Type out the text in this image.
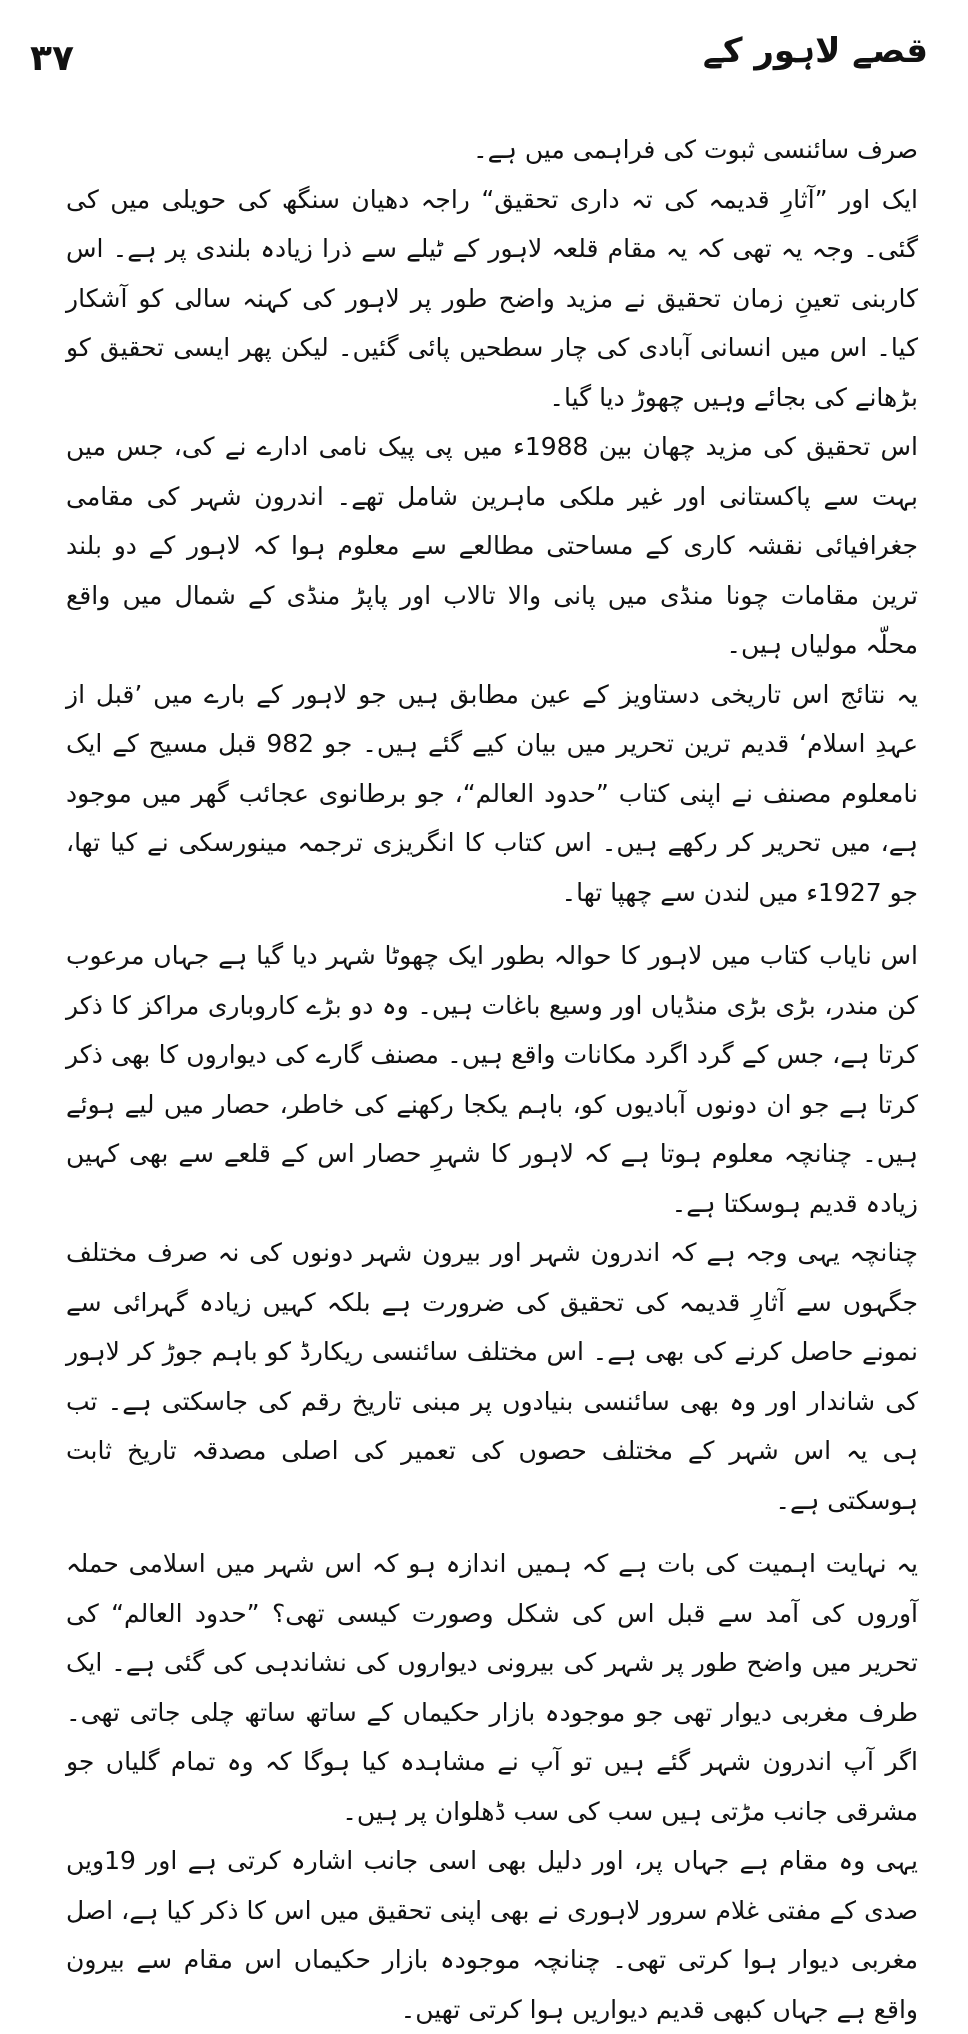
۳۷	قصے لاہور کے

صرف سائنسی ثبوت کی فراہمی میں ہے۔

ایک اور ”آثارِ قدیمہ کی تہ داری تحقیق“ راجہ دھیان سنگھ کی حویلی میں کی گئی۔ وجہ یہ تھی کہ یہ مقام قلعہ لاہور کے ٹیلے سے ذرا زیادہ بلندی پر ہے۔ اس کاربنی تعینِ زمان تحقیق نے مزید واضح طور پر لاہور کی کہنہ سالی کو آشکار کیا۔ اس میں انسانی آبادی کی چار سطحیں پائی گئیں۔ لیکن پھر ایسی تحقیق کو بڑھانے کی بجائے وہیں چھوڑ دیا گیا۔

اس تحقیق کی مزید چھان بین 1988ء میں پی پیک نامی ادارے نے کی، جس میں بہت سے پاکستانی اور غیر ملکی ماہرین شامل تھے۔ اندرون شہر کی مقامی جغرافیائی نقشہ کاری کے مساحتی مطالعے سے معلوم ہوا کہ لاہور کے دو بلند ترین مقامات چونا منڈی میں پانی والا تالاب اور پاپڑ منڈی کے شمال میں واقع محلّہ مولیاں ہیں۔

یہ نتائج اس تاریخی دستاویز کے عین مطابق ہیں جو لاہور کے بارے میں ’قبل از عہدِ اسلام‘ قدیم ترین تحریر میں بیان کیے گئے ہیں۔ جو 982 قبل مسیح کے ایک نامعلوم مصنف نے اپنی کتاب ”حدود العالم“، جو برطانوی عجائب گھر میں موجود ہے، میں تحریر کر رکھے ہیں۔ اس کتاب کا انگریزی ترجمہ مینورسکی نے کیا تھا، جو 1927ء میں لندن سے چھپا تھا۔

اس نایاب کتاب میں لاہور کا حوالہ بطور ایک چھوٹا شہر دیا گیا ہے جہاں مرعوب کن مندر، بڑی بڑی منڈیاں اور وسیع باغات ہیں۔ وہ دو بڑے کاروباری مراکز کا ذکر کرتا ہے، جس کے گرد اگرد مکانات واقع ہیں۔ مصنف گارے کی دیواروں کا بھی ذکر کرتا ہے جو ان دونوں آبادیوں کو، باہم یکجا رکھنے کی خاطر، حصار میں لیے ہوئے ہیں۔ چنانچہ معلوم ہوتا ہے کہ لاہور کا شہرِ حصار اس کے قلعے سے بھی کہیں زیادہ قدیم ہوسکتا ہے۔

چنانچہ یہی وجہ ہے کہ اندرون شہر اور بیرون شہر دونوں کی نہ صرف مختلف جگہوں سے آثارِ قدیمہ کی تحقیق کی ضرورت ہے بلکہ کہیں زیادہ گہرائی سے نمونے حاصل کرنے کی بھی ہے۔ اس مختلف سائنسی ریکارڈ کو باہم جوڑ کر لاہور کی شاندار اور وہ بھی سائنسی بنیادوں پر مبنی تاریخ رقم کی جاسکتی ہے۔ تب ہی یہ اس شہر کے مختلف حصوں کی تعمیر کی اصلی مصدقہ تاریخ ثابت ہوسکتی ہے۔

یہ نہایت اہمیت کی بات ہے کہ ہمیں اندازہ ہو کہ اس شہر میں اسلامی حملہ آوروں کی آمد سے قبل اس کی شکل وصورت کیسی تھی؟ ”حدود العالم“ کی تحریر میں واضح طور پر شہر کی بیرونی دیواروں کی نشاندہی کی گئی ہے۔ ایک طرف مغربی دیوار تھی جو موجودہ بازار حکیماں کے ساتھ ساتھ چلی جاتی تھی۔ اگر آپ اندرون شہر گئے ہیں تو آپ نے مشاہدہ کیا ہوگا کہ وہ تمام گلیاں جو مشرقی جانب مڑتی ہیں سب کی سب ڈھلوان پر ہیں۔

یہی وہ مقام ہے جہاں پر، اور دلیل بھی اسی جانب اشارہ کرتی ہے اور 19ویں صدی کے مفتی غلام سرور لاہوری نے بھی اپنی تحقیق میں اس کا ذکر کیا ہے، اصل مغربی دیوار ہوا کرتی تھی۔ چنانچہ موجودہ بازار حکیماں اس مقام سے بیرون واقع ہے جہاں کبھی قدیم دیواریں ہوا کرتی تھیں۔
